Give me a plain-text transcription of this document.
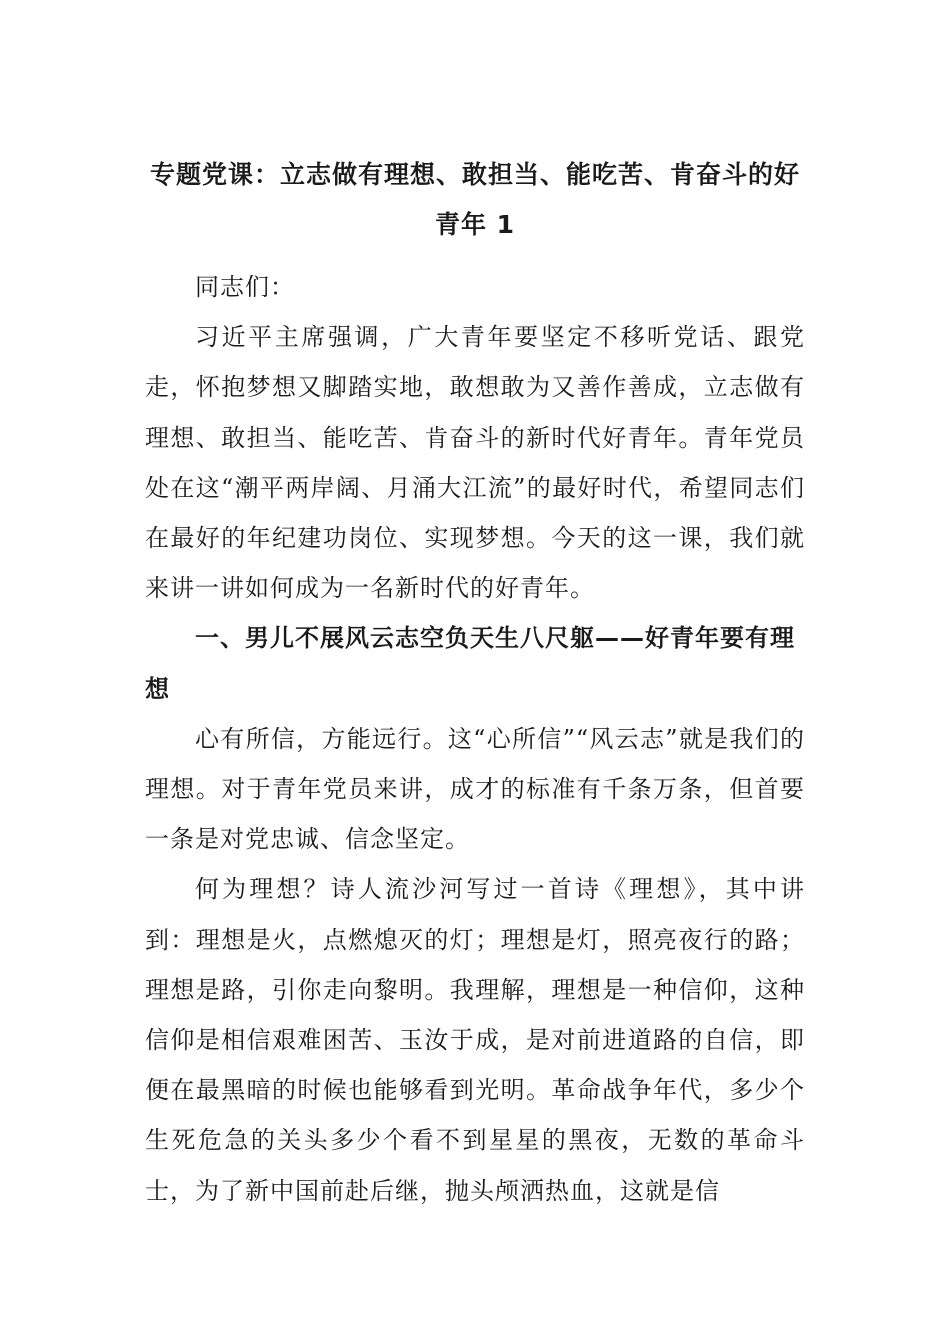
专题党课：立志做有理想、敢担当、能吃苦、肯奋斗的好青年 1

同志们：

习近平主席强调，广大青年要坚定不移听党话、跟党走，怀抱梦想又脚踏实地，敢想敢为又善作善成，立志做有理想、敢担当、能吃苦、肯奋斗的新时代好青年。青年党员处在这“潮平两岸阔、月涌大江流”的最好时代，希望同志们在最好的年纪建功岗位、实现梦想。今天的这一课，我们就来讲一讲如何成为一名新时代的好青年。

一、男儿不展风云志空负天生八尺躯——好青年要有理想

心有所信，方能远行。这“心所信”“风云志”就是我们的理想。对于青年党员来讲，成才的标准有千条万条，但首要一条是对党忠诚、信念坚定。

何为理想？诗人流沙河写过一首诗《理想》，其中讲到：理想是火，点燃熄灭的灯；理想是灯，照亮夜行的路；理想是路，引你走向黎明。我理解，理想是一种信仰，这种信仰是相信艰难困苦、玉汝于成，是对前进道路的自信，即便在最黑暗的时候也能够看到光明。革命战争年代，多少个生死危急的关头多少个看不到星星的黑夜，无数的革命斗士，为了新中国前赴后继，抛头颅洒热血，这就是信
